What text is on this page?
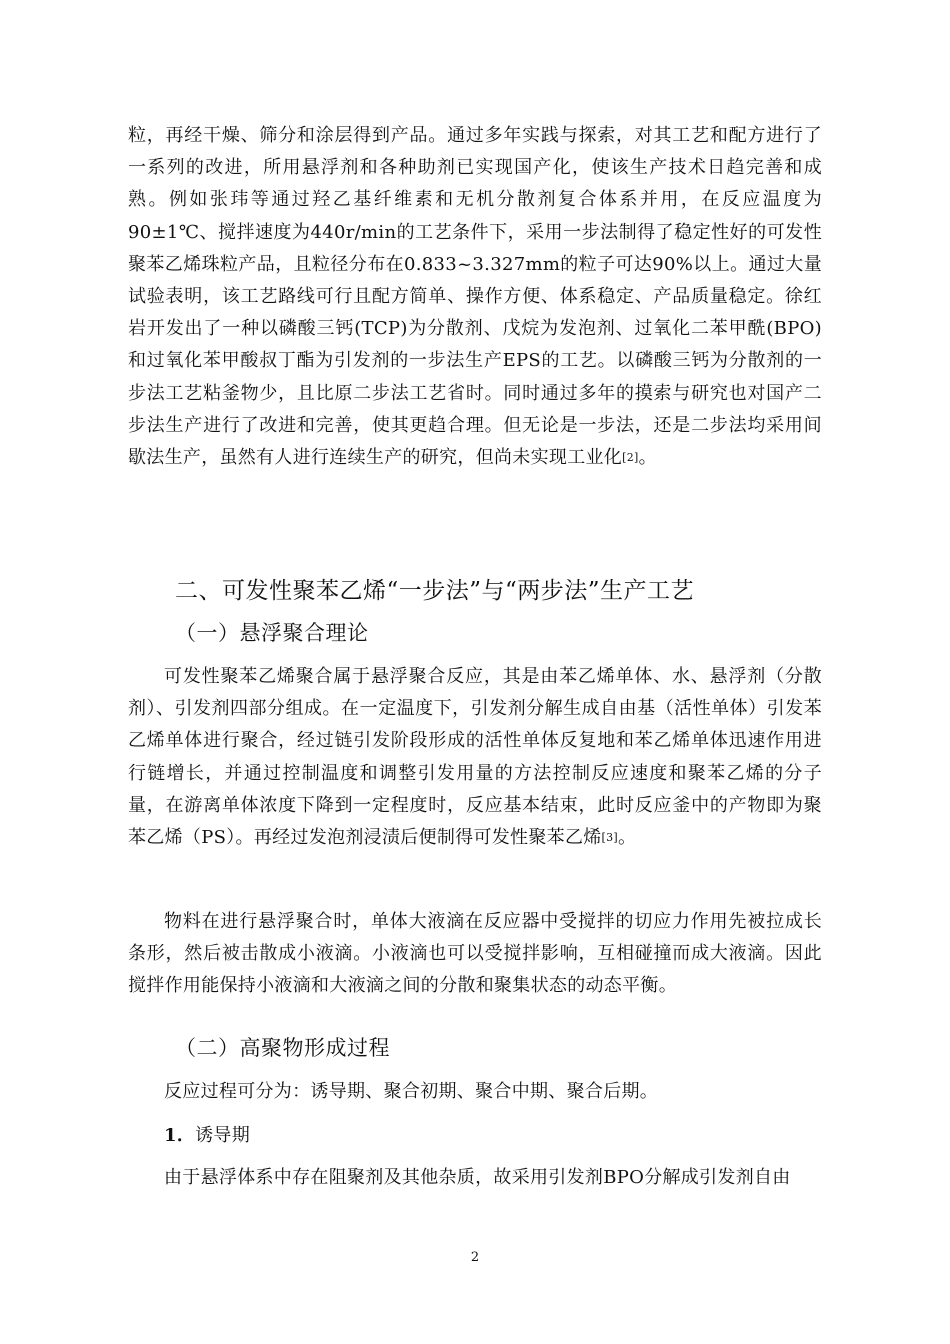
粒，再经干燥、筛分和涂层得到产品。通过多年实践与探索，对其工艺和配方进行了一系列的改进，所用悬浮剂和各种助剂已实现国产化，使该生产技术日趋完善和成熟。例如张玮等通过羟乙基纤维素和无机分散剂复合体系并用，在反应温度为90±1℃、搅拌速度为440r/min的工艺条件下，采用一步法制得了稳定性好的可发性聚苯乙烯珠粒产品，且粒径分布在0.833~3.327mm的粒子可达90%以上。通过大量试验表明，该工艺路线可行且配方简单、操作方便、体系稳定、产品质量稳定。徐红岩开发出了一种以磷酸三钙(TCP)为分散剂、戊烷为发泡剂、过氧化二苯甲酰(BPO)和过氧化苯甲酸叔丁酯为引发剂的一步法生产EPS的工艺。以磷酸三钙为分散剂的一步法工艺粘釜物少，且比原二步法工艺省时。同时通过多年的摸索与研究也对国产二步法生产进行了改进和完善，使其更趋合理。但无论是一步法，还是二步法均采用间歇法生产，虽然有人进行连续生产的研究，但尚未实现工业化[2]。
二、可发性聚苯乙烯“一步法”与“两步法”生产工艺
（一）悬浮聚合理论
可发性聚苯乙烯聚合属于悬浮聚合反应，其是由苯乙烯单体、水、悬浮剂（分散剂）、引发剂四部分组成。在一定温度下，引发剂分解生成自由基（活性单体）引发苯乙烯单体进行聚合，经过链引发阶段形成的活性单体反复地和苯乙烯单体迅速作用进行链增长，并通过控制温度和调整引发用量的方法控制反应速度和聚苯乙烯的分子量，在游离单体浓度下降到一定程度时，反应基本结束，此时反应釜中的产物即为聚苯乙烯（PS）。再经过发泡剂浸渍后便制得可发性聚苯乙烯[3]。
物料在进行悬浮聚合时，单体大液滴在反应器中受搅拌的切应力作用先被拉成长条形，然后被击散成小液滴。小液滴也可以受搅拌影响，互相碰撞而成大液滴。因此搅拌作用能保持小液滴和大液滴之间的分散和聚集状态的动态平衡。
（二）高聚物形成过程
反应过程可分为：诱导期、聚合初期、聚合中期、聚合后期。
1．诱导期
由于悬浮体系中存在阻聚剂及其他杂质，故采用引发剂BPO分解成引发剂自由
2
